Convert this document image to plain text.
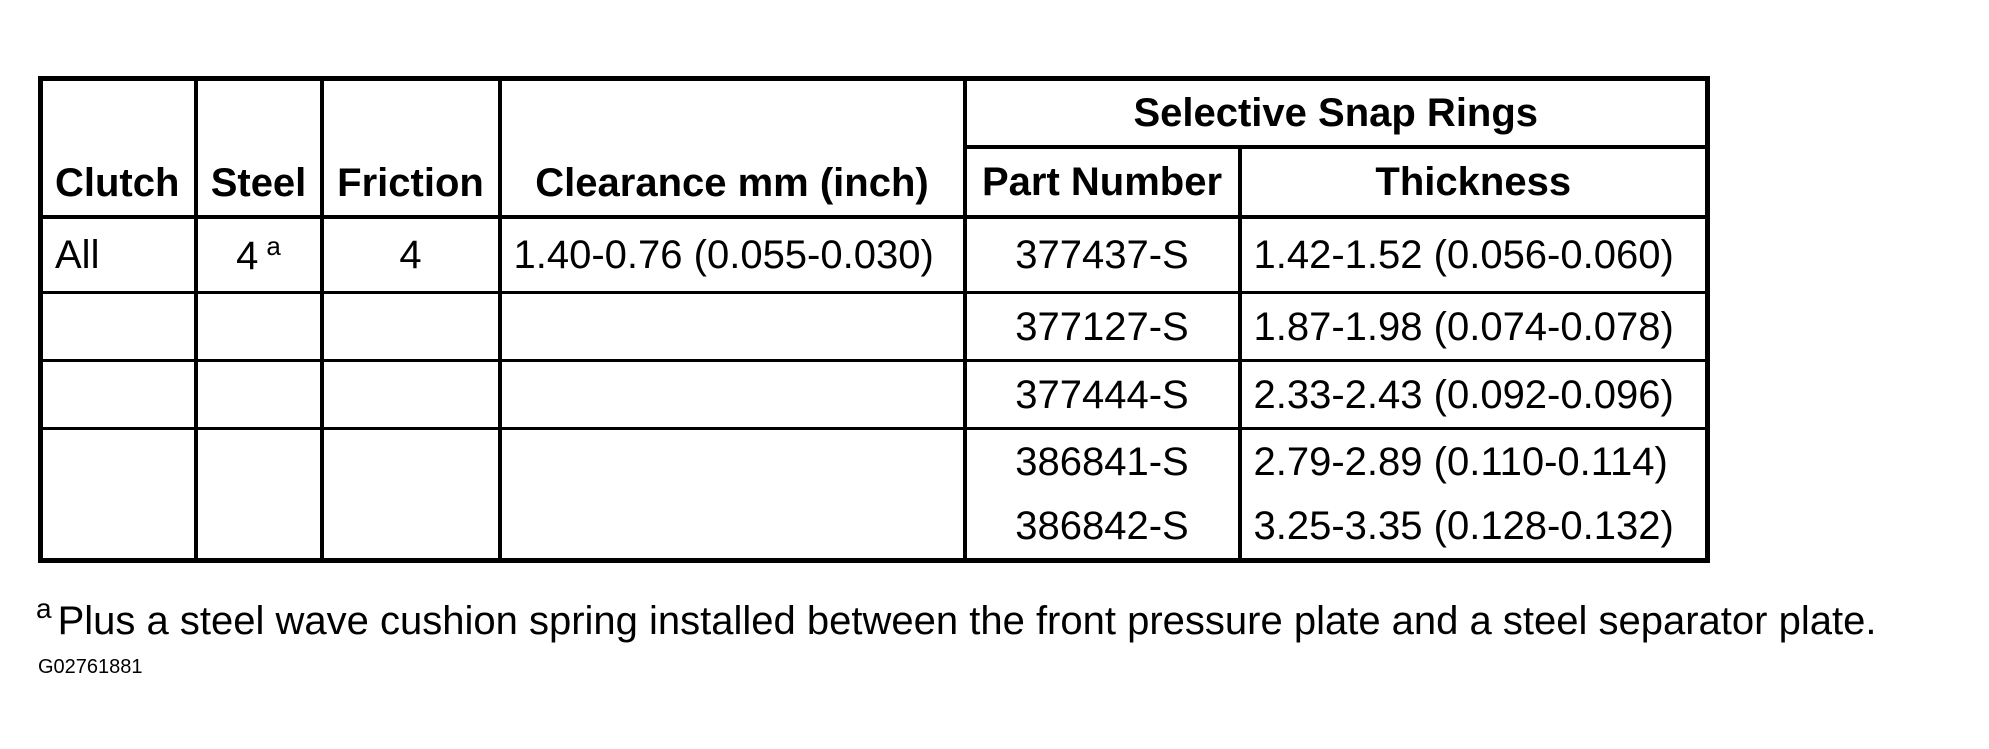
Clutch	Steel	Friction	Clearance mm (inch)	Selective Snap Rings	
				Part Number	Thickness
All	4 $^a$	4	1.40-0.76 (0.055-0.030)	377437-S	1.42-1.52 (0.056-0.060)
				377127-S	1.87-1.98 (0.074-0.078)
				377444-S	2.33-2.43 (0.092-0.096)
				386841-S	2.79-2.89 (0.110-0.114)
				386842-S	3.25-3.35 (0.128-0.132)
$^a$ Plus a steel wave cushion spring installed between the front pressure plate and a steel separator plate.
G02761881
